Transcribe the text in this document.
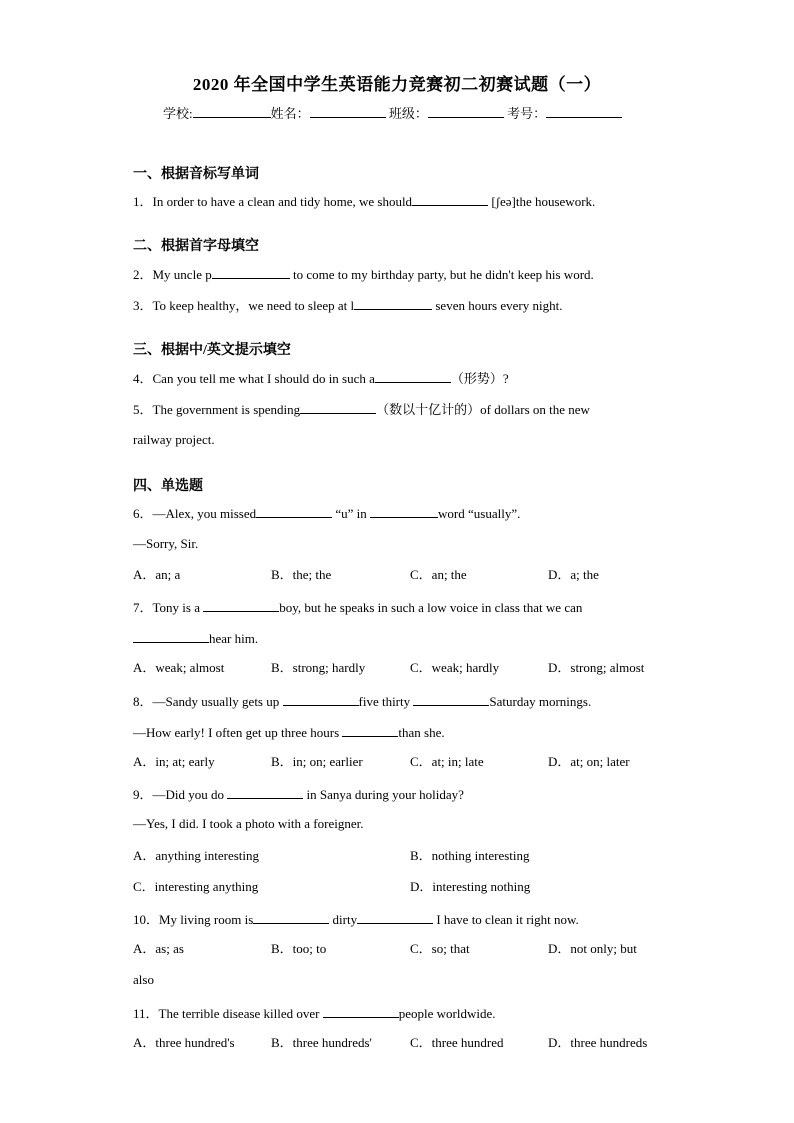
2020 年全国中学生英语能力竞赛初二初赛试题（一）
学校:	姓名：	班级：	考号：
一、根据音标写单词
1．In order to have a clean and tidy home, we should	[ʃeə]the housework.
二、根据首字母填空
2．My uncle p	to come to my birthday party, but he didn't keep his word.
3．To keep healthy，we need to sleep at l	seven hours every night.
三、根据中/英文提示填空
4．Can you tell me what I should do in such a	（形势）?
5．The government is spending	（数以十亿计的）of dollars on the new
railway project.
四、单选题
6．—Alex, you missed	“u” in	word “usually”.
—Sorry, Sir.
A．an; a	B．the; the	C．an; the	D．a; the
7．Tony is a	boy, but he speaks in such a low voice in class that we can
hear him.
A．weak; almost	B．strong; hardly	C．weak; hardly	D．strong; almost
8．—Sandy usually gets up	five thirty	Saturday mornings.
—How early! I often get up three hours	than she.
A．in; at; early	B．in; on; earlier	C．at; in; late	D．at; on; later
9．—Did you do	in Sanya during your holiday?
—Yes, I did. I took a photo with a foreigner.
A．anything interesting	B．nothing interesting
C．interesting anything	D．interesting nothing
10．My living room is	dirty	I have to clean it right now.
A．as; as	B．too; to	C．so; that	D．not only; but
also
11．The terrible disease killed over	people worldwide.
A．three hundred's	B．three hundreds'	C．three hundred	D．three hundreds
